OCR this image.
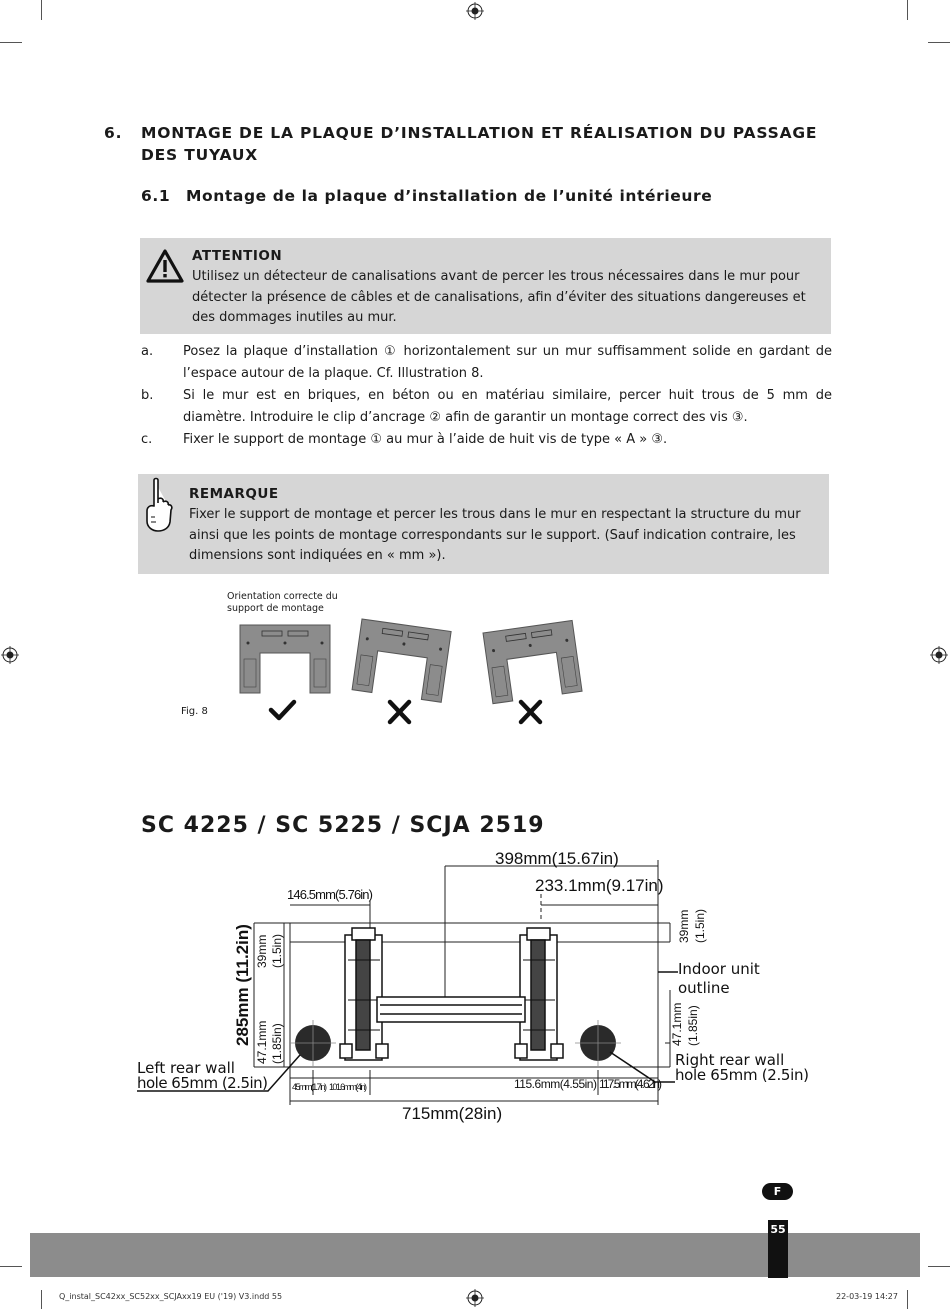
6. MONTAGE DE LA PLAQUE D’INSTALLATION ET RÉALISATION DU PASSAGE DES TUYAUX
6.1 Montage de la plaque d’installation de l’unité intérieure
ATTENTION
Utilisez un détecteur de canalisations avant de percer les trous nécessaires dans le mur pour détecter la présence de câbles et de canalisations, afin d’éviter des situations dangereuses et des dommages inutiles au mur.
a. Posez la plaque d’installation ① horizontalement sur un mur suffisamment solide en gardant de l’espace autour de la plaque. Cf. Illustration 8.
b. Si le mur est en briques, en béton ou en matériau similaire, percer huit trous de 5 mm de diamètre. Introduire le clip d’ancrage ② afin de garantir un montage correct des vis ③.
c. Fixer le support de montage ① au mur à l’aide de huit vis de type « A » ③.
REMARQUE
Fixer le support de montage et percer les trous dans le mur en respectant la structure du mur ainsi que les points de montage correspondants sur le support. (Sauf indication contraire, les dimensions sont indiquées en « mm »).
Orientation correcte du
support de montage
Fig. 8
SC 4225 / SC 5225 / SCJA 2519
398mm(15.67in)
233.1mm(9.17in)
146.5mm(5.76in)
285mm (11.2in) 39mm (1.5in)
47.1mm (1.85in)
39mm (1.5in)
47.1mm (1.85in)
Indoor unit
outline
Right rear wall
hole 65mm (2.5in)
Left rear wall
hole 65mm (2.5in)	45mm(1.7in) 101.6mm(4in)	115.6mm(4.55in) 117.5mm(4.62in)
715mm(28in)
F
55
Q_instal_SC42xx_SC52xx_SCJAxx19 EU ('19) V3.indd 55	22-03-19 14:27
